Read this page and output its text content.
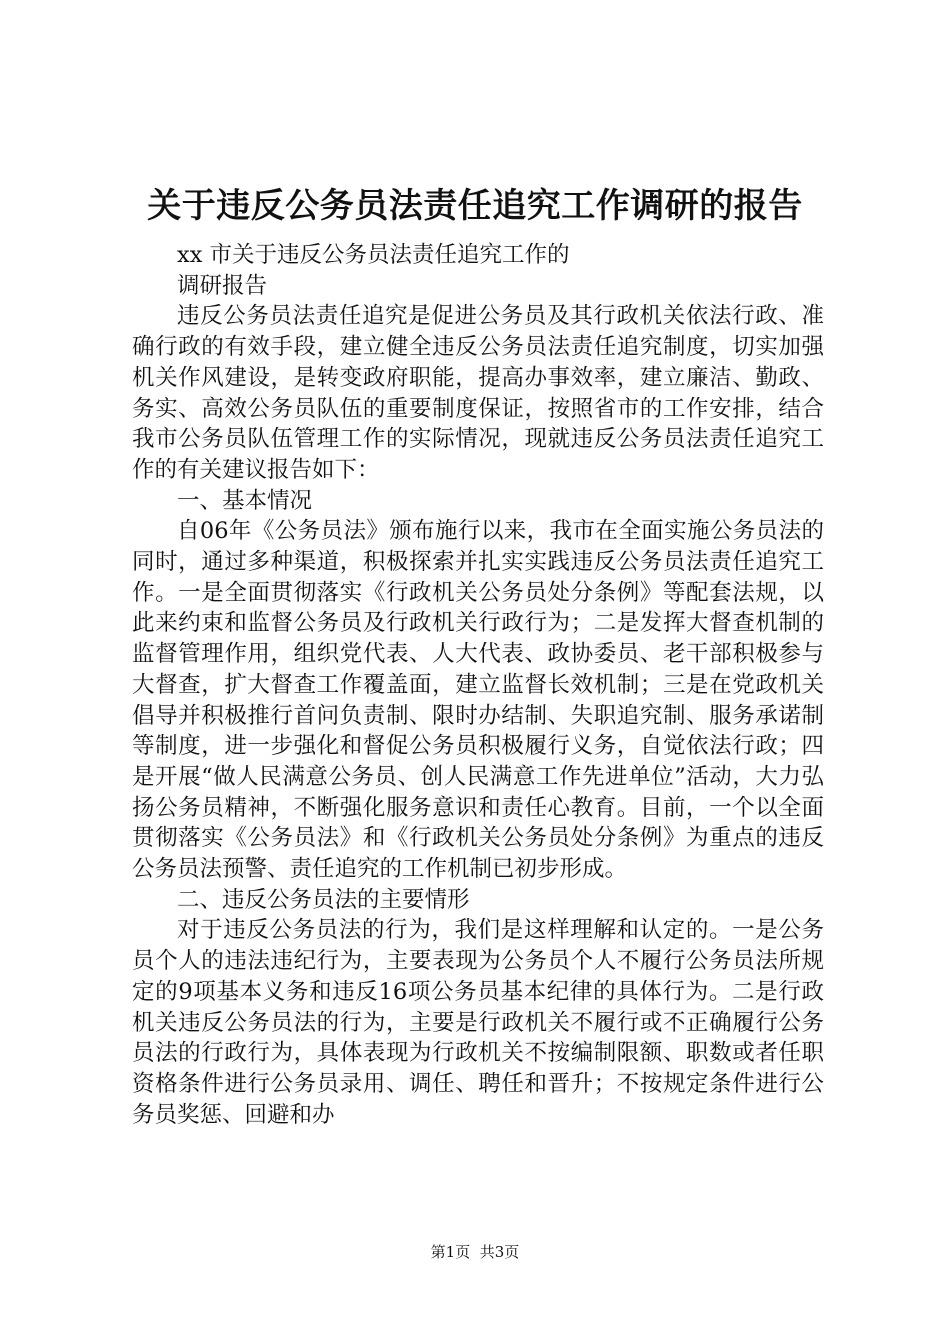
关于违反公务员法责任追究工作调研的报告

xx 市关于违反公务员法责任追究工作的

调研报告

违反公务员法责任追究是促进公务员及其行政机关依法行政、准确行政的有效手段，建立健全违反公务员法责任追究制度，切实加强机关作风建设，是转变政府职能，提高办事效率，建立廉洁、勤政、务实、高效公务员队伍的重要制度保证，按照省市的工作安排，结合我市公务员队伍管理工作的实际情况，现就违反公务员法责任追究工作的有关建议报告如下：

一、基本情况

自06年《公务员法》颁布施行以来，我市在全面实施公务员法的同时，通过多种渠道，积极探索并扎实实践违反公务员法责任追究工作。一是全面贯彻落实《行政机关公务员处分条例》等配套法规，以此来约束和监督公务员及行政机关行政行为；二是发挥大督查机制的监督管理作用，组织党代表、人大代表、政协委员、老干部积极参与大督查，扩大督查工作覆盖面，建立监督长效机制；三是在党政机关倡导并积极推行首问负责制、限时办结制、失职追究制、服务承诺制等制度，进一步强化和督促公务员积极履行义务，自觉依法行政；四是开展“做人民满意公务员、创人民满意工作先进单位”活动，大力弘扬公务员精神，不断强化服务意识和责任心教育。目前，一个以全面贯彻落实《公务员法》和《行政机关公务员处分条例》为重点的违反公务员法预警、责任追究的工作机制已初步形成。

二、违反公务员法的主要情形

对于违反公务员法的行为，我们是这样理解和认定的。一是公务员个人的违法违纪行为，主要表现为公务员个人不履行公务员法所规定的9项基本义务和违反16项公务员基本纪律的具体行为。二是行政机关违反公务员法的行为，主要是行政机关不履行或不正确履行公务员法的行政行为，具体表现为行政机关不按编制限额、职数或者任职资格条件进行公务员录用、调任、聘任和晋升；不按规定条件进行公务员奖惩、回避和办

第1页 共3页
